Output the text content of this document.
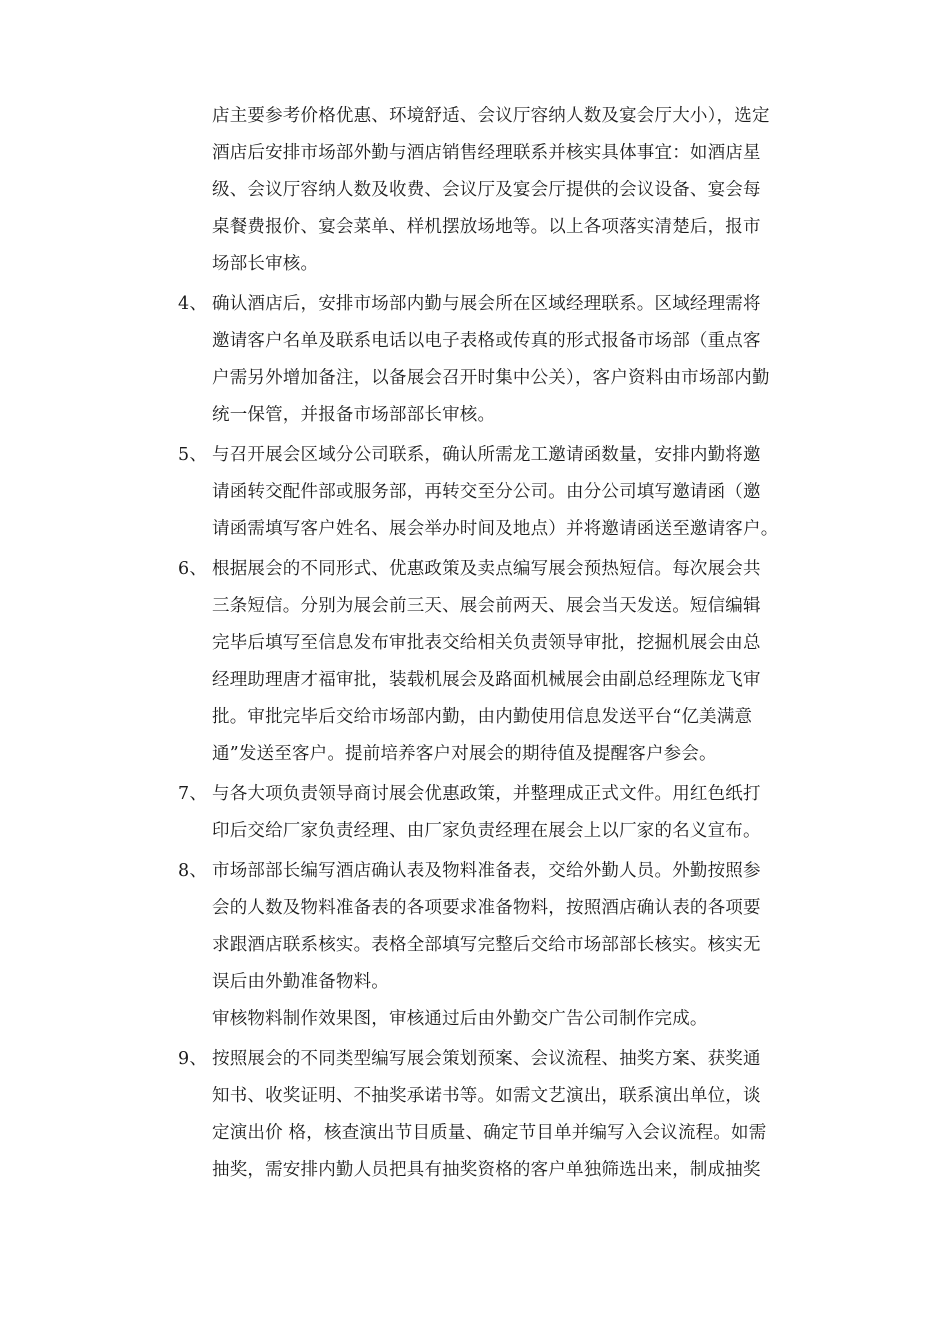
店主要参考价格优惠、环境舒适、会议厅容纳人数及宴会厅大小），选定
酒店后安排市场部外勤与酒店销售经理联系并核实具体事宜：如酒店星
级、会议厅容纳人数及收费、会议厅及宴会厅提供的会议设备、宴会每
桌餐费报价、宴会菜单、样机摆放场地等。以上各项落实清楚后，报市
场部长审核。
4、 确认酒店后，安排市场部内勤与展会所在区域经理联系。区域经理需将
邀请客户名单及联系电话以电子表格或传真的形式报备市场部（重点客
户需另外增加备注，以备展会召开时集中公关），客户资料由市场部内勤
统一保管，并报备市场部部长审核。
5、 与召开展会区域分公司联系，确认所需龙工邀请函数量，安排内勤将邀
请函转交配件部或服务部，再转交至分公司。由分公司填写邀请函（邀
请函需填写客户姓名、展会举办时间及地点）并将邀请函送至邀请客户。
6、 根据展会的不同形式、优惠政策及卖点编写展会预热短信。每次展会共
三条短信。分别为展会前三天、展会前两天、展会当天发送。短信编辑
完毕后填写至信息发布审批表交给相关负责领导审批，挖掘机展会由总
经理助理唐才福审批，装载机展会及路面机械展会由副总经理陈龙飞审
批。审批完毕后交给市场部内勤，由内勤使用信息发送平台“亿美满意
通”发送至客户。提前培养客户对展会的期待值及提醒客户参会。
7、 与各大项负责领导商讨展会优惠政策，并整理成正式文件。用红色纸打
印后交给厂家负责经理、由厂家负责经理在展会上以厂家的名义宣布。
8、 市场部部长编写酒店确认表及物料准备表，交给外勤人员。外勤按照参
会的人数及物料准备表的各项要求准备物料，按照酒店确认表的各项要
求跟酒店联系核实。表格全部填写完整后交给市场部部长核实。核实无
误后由外勤准备物料。
审核物料制作效果图，审核通过后由外勤交广告公司制作完成。
9、 按照展会的不同类型编写展会策划预案、会议流程、抽奖方案、获奖通
知书、收奖证明、不抽奖承诺书等。如需文艺演出，联系演出单位，谈
定演出价 格，核查演出节目质量、确定节目单并编写入会议流程。如需
抽奖，需安排内勤人员把具有抽奖资格的客户单独筛选出来，制成抽奖
